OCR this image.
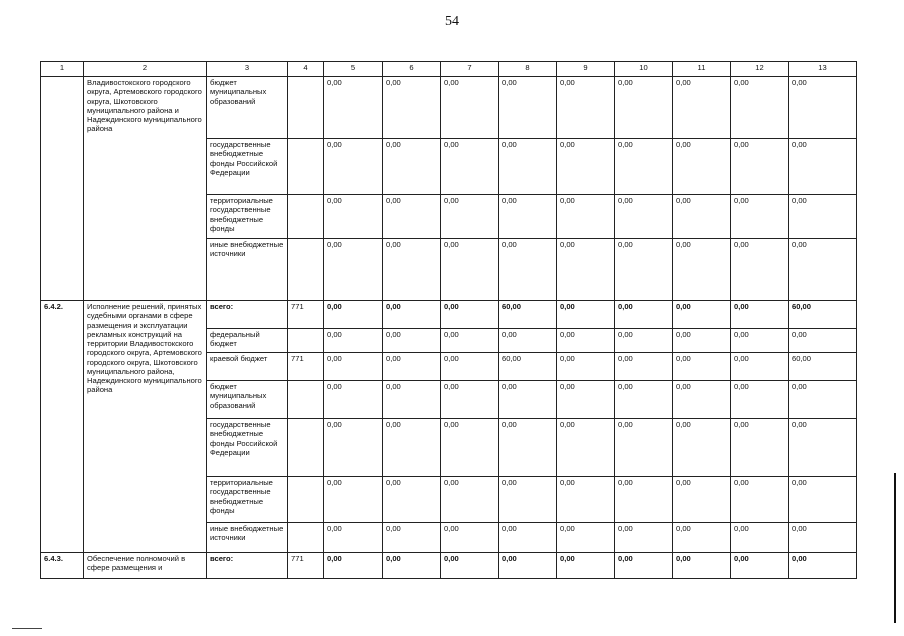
54
1	2	3	4	5	6	7	8	9	10	11	12	13
	Владивостокского городского округа, Артемовского городского округа, Шкотовского муниципального района и Надеждинского муниципального района	бюджет муниципальных образований		0,00	0,00	0,00	0,00	0,00	0,00	0,00	0,00	0,00
		государственные внебюджетные фонды Российской Федерации		0,00	0,00	0,00	0,00	0,00	0,00	0,00	0,00	0,00
		территориальные государственные внебюджетные фонды		0,00	0,00	0,00	0,00	0,00	0,00	0,00	0,00	0,00
		иные внебюджетные источники		0,00	0,00	0,00	0,00	0,00	0,00	0,00	0,00	0,00
6.4.2.	Исполнение решений, принятых судебными органами в сфере размещения и эксплуатации рекламных конструкций на территории Владивостокского городского округа, Артемовского городского округа, Шкотовского муниципального района, Надеждинского муниципального района	всего:	771	0,00	0,00	0,00	60,00	0,00	0,00	0,00	0,00	60,00
		федеральный бюджет		0,00	0,00	0,00	0,00	0,00	0,00	0,00	0,00	0,00
		краевой бюджет	771	0,00	0,00	0,00	60,00	0,00	0,00	0,00	0,00	60,00
		бюджет муниципальных образований		0,00	0,00	0,00	0,00	0,00	0,00	0,00	0,00	0,00
		государственные внебюджетные фонды Российской Федерации		0,00	0,00	0,00	0,00	0,00	0,00	0,00	0,00	0,00
		территориальные государственные внебюджетные фонды		0,00	0,00	0,00	0,00	0,00	0,00	0,00	0,00	0,00
		иные внебюджетные источники		0,00	0,00	0,00	0,00	0,00	0,00	0,00	0,00	0,00
6.4.3.	Обеспечение полномочий в сфере размещения и	всего:	771	0,00	0,00	0,00	0,00	0,00	0,00	0,00	0,00	0,00
